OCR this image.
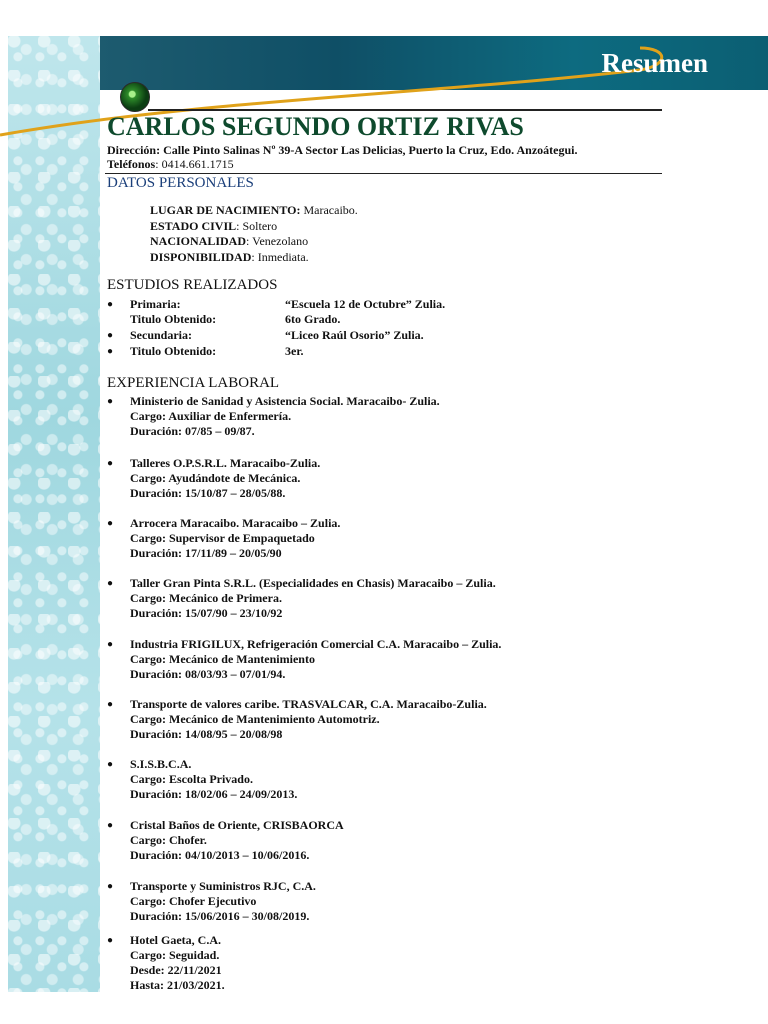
Resumen
CARLOS SEGUNDO ORTIZ RIVAS
Dirección: Calle Pinto Salinas Nº 39-A Sector Las Delicias, Puerto la Cruz, Edo. Anzoátegui.
Teléfonos: 0414.661.1715
DATOS PERSONALES
LUGAR DE NACIMIENTO: Maracaibo.
ESTADO CIVIL: Soltero
NACIONALIDAD: Venezolano
DISPONIBILIDAD: Inmediata.
ESTUDIOS REALIZADOS
● Primaria:	“Escuela 12 de Octubre” Zulia.
Titulo Obtenido:	6to Grado.
● Secundaria:	“Liceo Raúl Osorio” Zulia.
● Titulo Obtenido:	3er.
EXPERIENCIA LABORAL
● Ministerio de Sanidad y Asistencia Social. Maracaibo- Zulia.
Cargo: Auxiliar de Enfermería.
Duración: 07/85 – 09/87.
● Talleres O.P.S.R.L. Maracaibo-Zulia.
Cargo: Ayudándote de Mecánica.
Duración: 15/10/87 – 28/05/88.
● Arrocera Maracaibo. Maracaibo – Zulia.
Cargo: Supervisor de Empaquetado
Duración: 17/11/89 – 20/05/90
● Taller Gran Pinta S.R.L. (Especialidades en Chasis) Maracaibo – Zulia.
Cargo: Mecánico de Primera.
Duración: 15/07/90 – 23/10/92
● Industria FRIGILUX, Refrigeración Comercial C.A. Maracaibo – Zulia.
Cargo: Mecánico de Mantenimiento
Duración: 08/03/93 – 07/01/94.
● Transporte de valores caribe. TRASVALCAR, C.A. Maracaibo-Zulia.
Cargo: Mecánico de Mantenimiento Automotriz.
Duración: 14/08/95 – 20/08/98
● S.I.S.B.C.A.
Cargo: Escolta Privado.
Duración: 18/02/06 – 24/09/2013.
● Cristal Baños de Oriente, CRISBAORCA
Cargo: Chofer.
Duración: 04/10/2013 – 10/06/2016.
● Transporte y Suministros RJC, C.A.
Cargo: Chofer Ejecutivo
Duración: 15/06/2016 – 30/08/2019.
● Hotel Gaeta, C.A.
Cargo: Seguidad.
Desde: 22/11/2021
Hasta: 21/03/2021.
